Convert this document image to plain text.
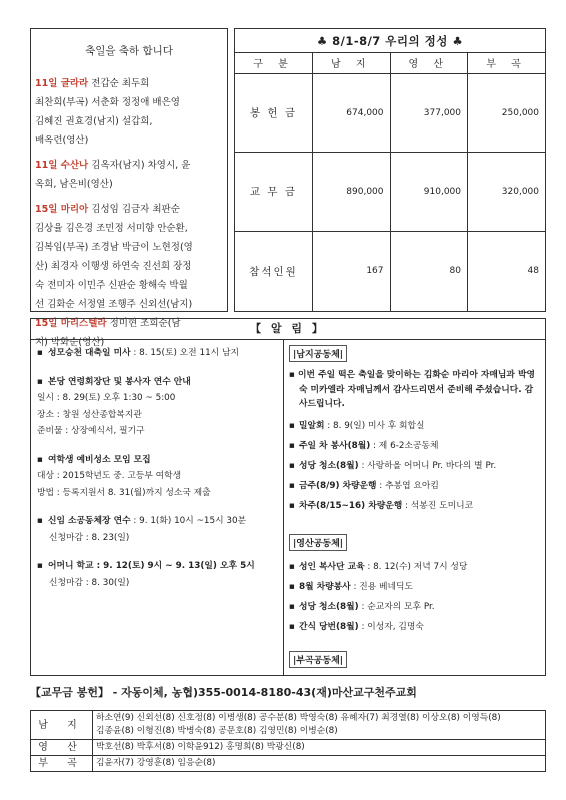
축일을 축하 합니다
11일 글라라 전갑순 최두희
최찬희(부곡) 서춘화 정정애 배은영
김혜진 권효경(남지) 설갑희,
배옥련(영산)
11일 수산나 김옥자(남지) 차영시, 윤
옥희, 남은비(영산)
15일 마리아 김성임 김금자 최판순
김상율 김은경 조민정 서미향 안순환,
김복임(부곡) 조경남 박금이 노현정(영
산) 최경자 이행생 하연숙 진선희 장정
숙 전미자 이민주 신판순 황해숙 박월
선 김화순 서정열 조행주 신외선(남지)
15일 마리스텔라 정미현 조희순(남
지) 박화순(영산)
♣ 8/1-8/7 우리의 정성 ♣
구 분	남 지	영 산	부 곡
봉 헌 금	674,000	377,000	250,000
교 무 금	890,000	910,000	320,000
참석인원	167	80	48
【 알 림 】
▪ 성모승천 대축일 미사 : 8. 15(토) 오전 11시 남지
▪ 본당 연령회장단 및 봉사자 연수 안내
일시 : 8. 29(토) 오후 1:30 ~ 5:00
장소 : 창원 성산종합복지관
준비물 : 상장예식서, 필기구
▪ 여학생 예비성소 모임 모집
대상 : 2015학년도 중. 고등부 여학생
방법 : 등록지원서 8. 31(월)까지 성소국 제출
▪ 신임 소공동체장 연수 : 9. 1(화) 10시 ~15시 30분
신청마감 : 8. 23(일)
▪ 어머니 학교 : 9. 12(토) 9시 ~ 9. 13(일) 오후 5시
신청마감 : 8. 30(일)
|남지공동체|
▪ 이번 주일 떡은 축일을 맞이하는 김화순 마리아 자매님과 박영숙 미카엘라 자매님께서 감사드리면서 준비해 주셨습니다. 감사드립니다.
▪ 밀알회 : 8. 9(일) 미사 후 회합실
▪ 주일 차 봉사(8월) : 제 6-2소공동체
▪ 성당 청소(8월) : 사랑하올 어머니 Pr. 바다의 별 Pr.
▪ 금주(8/9) 차량운행 : 추봉엽 요아킴
▪ 차주(8/15~16) 차량운행 : 석봉진 도미니코
|영산공동체|
▪ 성인 복사단 교육 : 8. 12(수) 저녁 7시 성당
▪ 8월 차량봉사 : 진용 베네딕도
▪ 성당 청소(8월) : 순교자의 모후 Pr.
▪ 간식 당번(8월) : 이성자, 김명숙
|부곡공동체|
【교무금 봉헌】 - 자동이체, 농협)355-0014-8180-43(재)마산교구천주교회
남 지	하소연(9) 신외선(8) 신호정(8) 이병생(8) 공수분(8) 박영숙(8) 유혜자(7) 최경열(8) 이상오(8) 이영득(8)
김종윤(8) 이형진(8) 박병숙(8) 공문호(8) 김영민(8) 이병순(8)

영 산	박호선(8) 박후서(8) 이학윤912) 홍명희(8) 박광신(8)

부 곡	김윤자(7) 강영훈(8) 임응순(8)
